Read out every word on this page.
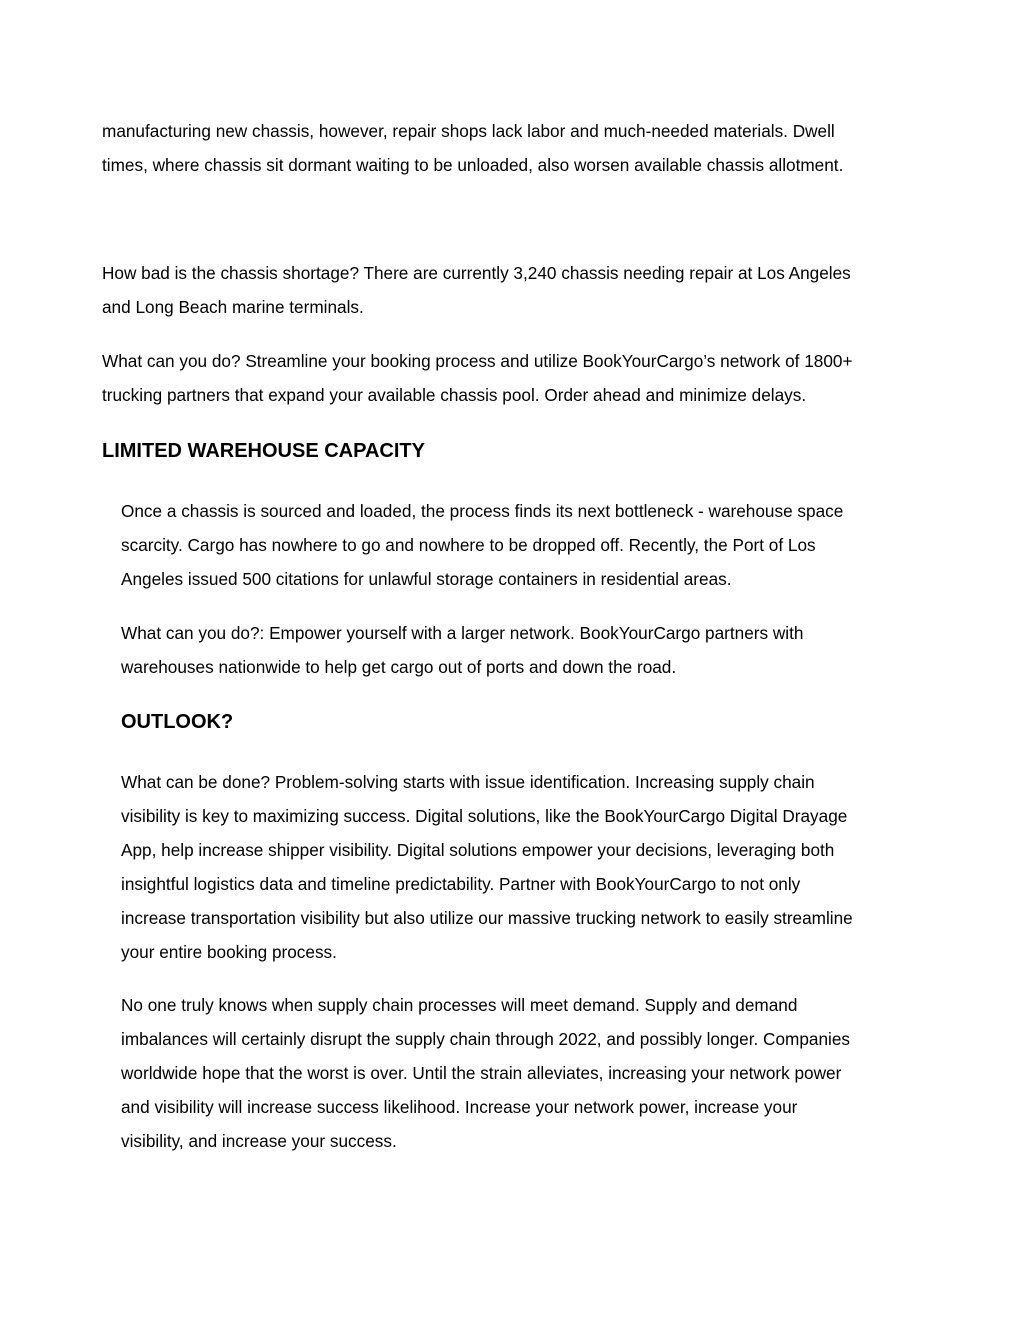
manufacturing new chassis, however, repair shops lack labor and much-needed materials. Dwell
times, where chassis sit dormant waiting to be unloaded, also worsen available chassis allotment.

How bad is the chassis shortage? There are currently 3,240 chassis needing repair at Los Angeles
and Long Beach marine terminals.

What can you do? Streamline your booking process and utilize BookYourCargo’s network of 1800+
trucking partners that expand your available chassis pool. Order ahead and minimize delays.

LIMITED WAREHOUSE CAPACITY

Once a chassis is sourced and loaded, the process finds its next bottleneck - warehouse space
scarcity. Cargo has nowhere to go and nowhere to be dropped off. Recently, the Port of Los
Angeles issued 500 citations for unlawful storage containers in residential areas.

What can you do?: Empower yourself with a larger network. BookYourCargo partners with
warehouses nationwide to help get cargo out of ports and down the road.

OUTLOOK?

What can be done? Problem-solving starts with issue identification. Increasing supply chain
visibility is key to maximizing success. Digital solutions, like the BookYourCargo Digital Drayage
App, help increase shipper visibility. Digital solutions empower your decisions, leveraging both
insightful logistics data and timeline predictability. Partner with BookYourCargo to not only
increase transportation visibility but also utilize our massive trucking network to easily streamline
your entire booking process.

No one truly knows when supply chain processes will meet demand. Supply and demand
imbalances will certainly disrupt the supply chain through 2022, and possibly longer. Companies
worldwide hope that the worst is over. Until the strain alleviates, increasing your network power
and visibility will increase success likelihood. Increase your network power, increase your
visibility, and increase your success.
